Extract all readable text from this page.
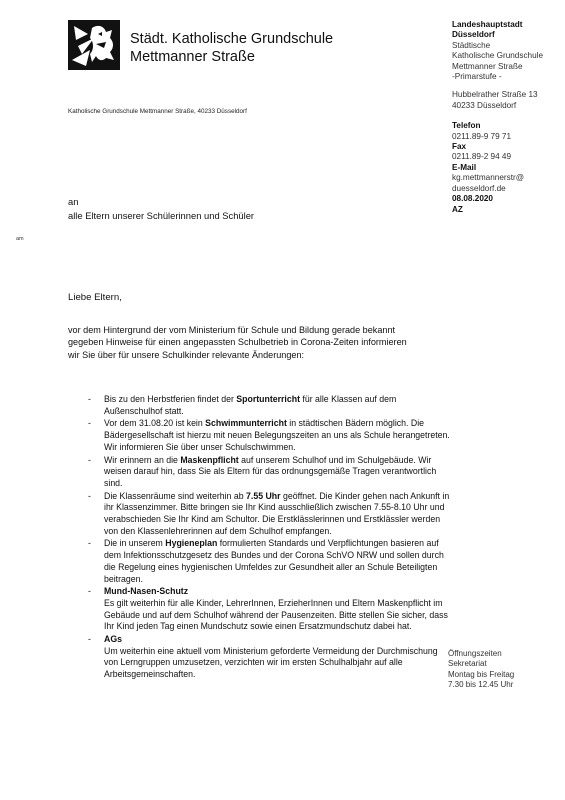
Städt. Katholische Grundschule
Mettmanner Straße
Katholische Grundschule Mettmanner Straße, 40233 Düsseldorf
Landeshauptstadt
Düsseldorf
Städtische
Katholische Grundschule
Mettmanner Straße
-Primarstufe -
Hubbelrather Straße 13
40233 Düsseldorf
Telefon
0211.89-9 79 71
Fax
0211.89-2 94 49
E-Mail
kg.mettmannerstr@
duesseldorf.de
08.08.2020
AZ
an
alle Eltern unserer Schülerinnen und Schüler
am
Liebe Eltern,
vor dem Hintergrund der vom Ministerium für Schule und Bildung gerade bekannt
gegeben Hinweise für einen angepassten Schulbetrieb in Corona-Zeiten informieren
wir Sie über für unsere Schulkinder relevante Änderungen:
- Bis zu den Herbstferien findet der Sportunterricht für alle Klassen auf dem Außenschulhof statt.
- Vor dem 31.08.20 ist kein Schwimmunterricht in städtischen Bädern möglich. Die Bädergesellschaft ist hierzu mit neuen Belegungszeiten an uns als Schule herangetreten. Wir informieren Sie über unser Schulschwimmen.
- Wir erinnern an die Maskenpflicht auf unserem Schulhof und im Schulgebäude. Wir weisen darauf hin, dass Sie als Eltern für das ordnungsgemäße Tragen verantwortlich sind.
- Die Klassenräume sind weiterhin ab 7.55 Uhr geöffnet. Die Kinder gehen nach Ankunft in ihr Klassenzimmer. Bitte bringen sie Ihr Kind ausschließlich zwischen 7.55-8.10 Uhr und verabschieden Sie Ihr Kind am Schultor. Die Erstklässlerinnen und Erstklässler werden von den Klassenlehrerinnen auf dem Schulhof empfangen.
- Die in unserem Hygieneplan formulierten Standards und Verpflichtungen basieren auf dem Infektionsschutzgesetz des Bundes und der Corona SchVO NRW und sollen durch die Regelung eines hygienischen Umfeldes zur Gesundheit aller an Schule Beteiligten beitragen.
- Mund-Nasen-Schutz
Es gilt weiterhin für alle Kinder, LehrerInnen, ErzieherInnen und Eltern Maskenpflicht im Gebäude und auf dem Schulhof während der Pausenzeiten. Bitte stellen Sie sicher, dass Ihr Kind jeden Tag einen Mundschutz sowie einen Ersatzmundschutz dabei hat.
- AGs
Um weiterhin eine aktuell vom Ministerium geforderte Vermeidung der Durchmischung von Lerngruppen umzusetzen, verzichten wir im ersten Schulhalbjahr auf alle Arbeitsgemeinschaften.
Öffnungszeiten
Sekretariat
Montag bis Freitag
7.30 bis 12.45 Uhr
